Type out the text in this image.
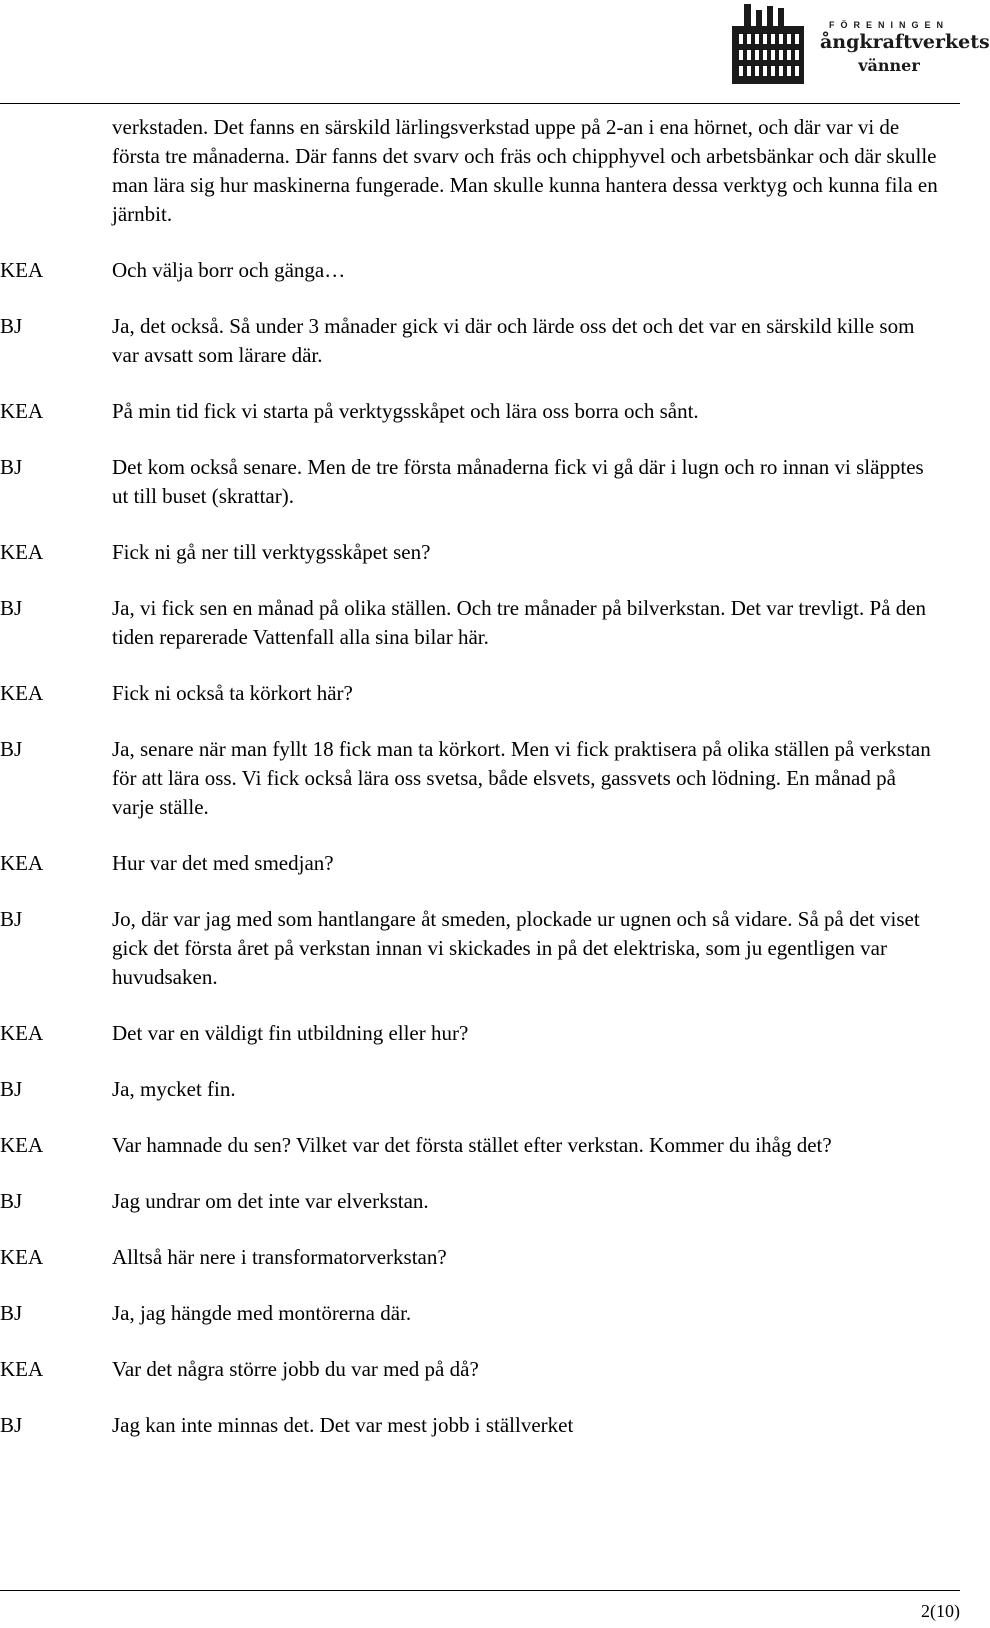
FÖRENINGEN
ångkraftverkets
vänner
verkstaden. Det fanns en särskild lärlingsverkstad uppe på 2-an i ena hörnet, och där var vi de första tre månaderna. Där fanns det svarv och fräs och chipphyvel och arbetsbänkar och där skulle man lära sig hur maskinerna fungerade. Man skulle kunna hantera dessa verktyg och kunna fila en järnbit.
KEA	Och välja borr och gänga…
BJ	Ja, det också. Så under 3 månader gick vi där och lärde oss det och det var en särskild kille som var avsatt som lärare där.
KEA	På min tid fick vi starta på verktygsskåpet och lära oss borra och sånt.
BJ	Det kom också senare. Men de tre första månaderna fick vi gå där i lugn och ro innan vi släpptes ut till buset (skrattar).
KEA	Fick ni gå ner till verktygsskåpet sen?
BJ	Ja, vi fick sen en månad på olika ställen. Och tre månader på bilverkstan. Det var trevligt. På den tiden reparerade Vattenfall alla sina bilar här.
KEA	Fick ni också ta körkort här?
BJ	Ja, senare när man fyllt 18 fick man ta körkort. Men vi fick praktisera på olika ställen på verkstan för att lära oss. Vi fick också lära oss svetsa, både elsvets, gassvets och lödning. En månad på varje ställe.
KEA	Hur var det med smedjan?
BJ	Jo, där var jag med som hantlangare åt smeden, plockade ur ugnen och så vidare. Så på det viset gick det första året på verkstan innan vi skickades in på det elektriska, som ju egentligen var huvudsaken.
KEA	Det var en väldigt fin utbildning eller hur?
BJ	Ja, mycket fin.
KEA	Var hamnade du sen? Vilket var det första stället efter verkstan. Kommer du ihåg det?
BJ	Jag undrar om det inte var elverkstan.
KEA	Alltså här nere i transformatorverkstan?
BJ	Ja, jag hängde med montörerna där.
KEA	Var det några större jobb du var med på då?
BJ	Jag kan inte minnas det. Det var mest jobb i ställverket
2(10)
